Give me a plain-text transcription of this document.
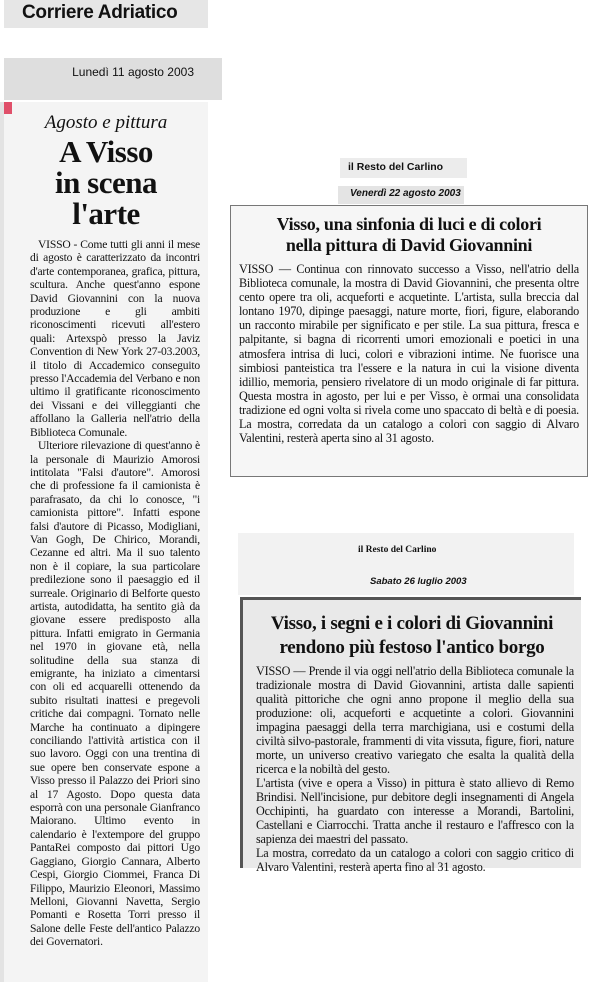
Corriere Adriatico
Lunedì 11 agosto 2003
Agosto e pittura
A Visso
in scena
l'arte

VISSO - Come tutti gli anni il mese di agosto è caratterizzato da incontri d'arte contemporanea, grafica, pittura, scultura. Anche quest'anno espone David Giovannini con la nuova produzione e gli ambiti riconoscimenti ricevuti all'estero quali: Artexspò presso la Javiz Convention di New York 27-03.2003, il titolo di Accademico conseguito presso l'Accademia del Verbano e non ultimo il gratificante riconoscimento dei Vissani e dei villeggianti che affollano la Galleria nell'atrio della Biblioteca Comunale.

Ulteriore rilevazione di quest'anno è la personale di Maurizio Amorosi intitolata "Falsi d'autore". Amorosi che di professione fa il camionista è parafrasato, da chi lo conosce, "i camionista pittore". Infatti espone falsi d'autore di Picasso, Modigliani, Van Gogh, De Chirico, Morandi, Cezanne ed altri. Ma il suo talento non è il copiare, la sua particolare predilezione sono il paesaggio ed il surreale. Originario di Belforte questo artista, autodidatta, ha sentito già da giovane essere predisposto alla pittura. Infatti emigrato in Germania nel 1970 in giovane età, nella solitudine della sua stanza di emigrante, ha iniziato a cimentarsi con oli ed acquarelli ottenendo da subito risultati inattesi e pregevoli critiche dai compagni. Tornato nelle Marche ha continuato a dipingere conciliando l'attività artistica con il suo lavoro. Oggi con una trentina di sue opere ben conservate espone a Visso presso il Palazzo dei Priori sino al 17 Agosto. Dopo questa data esporrà con una personale Gianfranco Maiorano. Ultimo evento in calendario è l'extempore del gruppo PantaRei composto dai pittori Ugo Gaggiano, Giorgio Cannara, Alberto Cespi, Giorgio Ciommei, Franca Di Filippo, Maurizio Eleonori, Massimo Melloni, Giovanni Navetta, Sergio Pomanti e Rosetta Torri presso il Salone delle Feste dell'antico Palazzo dei Governatori.

il Resto del Carlino
Venerdì 22 agosto 2003
Visso, una sinfonia di luci e di colori
nella pittura di David Giovannini

VISSO — Continua con rinnovato successo a Visso, nell'atrio della Biblioteca comunale, la mostra di David Giovannini, che presenta oltre cento opere tra oli, acqueforti e acquetinte. L'artista, sulla breccia dal lontano 1970, dipinge paesaggi, nature morte, fiori, figure, elaborando un racconto mirabile per significato e per stile. La sua pittura, fresca e palpitante, si bagna di ricorrenti umori emozionali e poetici in una atmosfera intrisa di luci, colori e vibrazioni intime. Ne fuorisce una simbiosi panteistica tra l'essere e la natura in cui la visione diventa idillio, memoria, pensiero rivelatore di un modo originale di far pittura. Questa mostra in agosto, per lui e per Visso, è ormai una consolidata tradizione ed ogni volta si rivela come uno spaccato di beltà e di poesia. La mostra, corredata da un catalogo a colori con saggio di Alvaro Valentini, resterà aperta sino al 31 agosto.

il Resto del Carlino
Sabato 26 luglio 2003
Visso, i segni e i colori di Giovannini
rendono più festoso l'antico borgo

VISSO — Prende il via oggi nell'atrio della Biblioteca comunale la tradizionale mostra di David Giovannini, artista dalle sapienti qualità pittoriche che ogni anno propone il meglio della sua produzione: oli, acqueforti e acquetinte a colori. Giovannini impagina paesaggi della terra marchigiana, usi e costumi della civiltà silvo-pastorale, frammenti di vita vissuta, figure, fiori, nature morte, un universo creativo variegato che esalta la qualità della ricerca e la nobiltà del gesto.

L'artista (vive e opera a Visso) in pittura è stato allievo di Remo Brindisi. Nell'incisione, pur debitore degli insegnamenti di Angela Occhipinti, ha guardato con interesse a Morandi, Bartolini, Castellani e Ciarrocchi. Tratta anche il restauro e l'affresco con la sapienza dei maestri del passato.

La mostra, corredato da un catalogo a colori con saggio critico di Alvaro Valentini, resterà aperta fino al 31 agosto.
